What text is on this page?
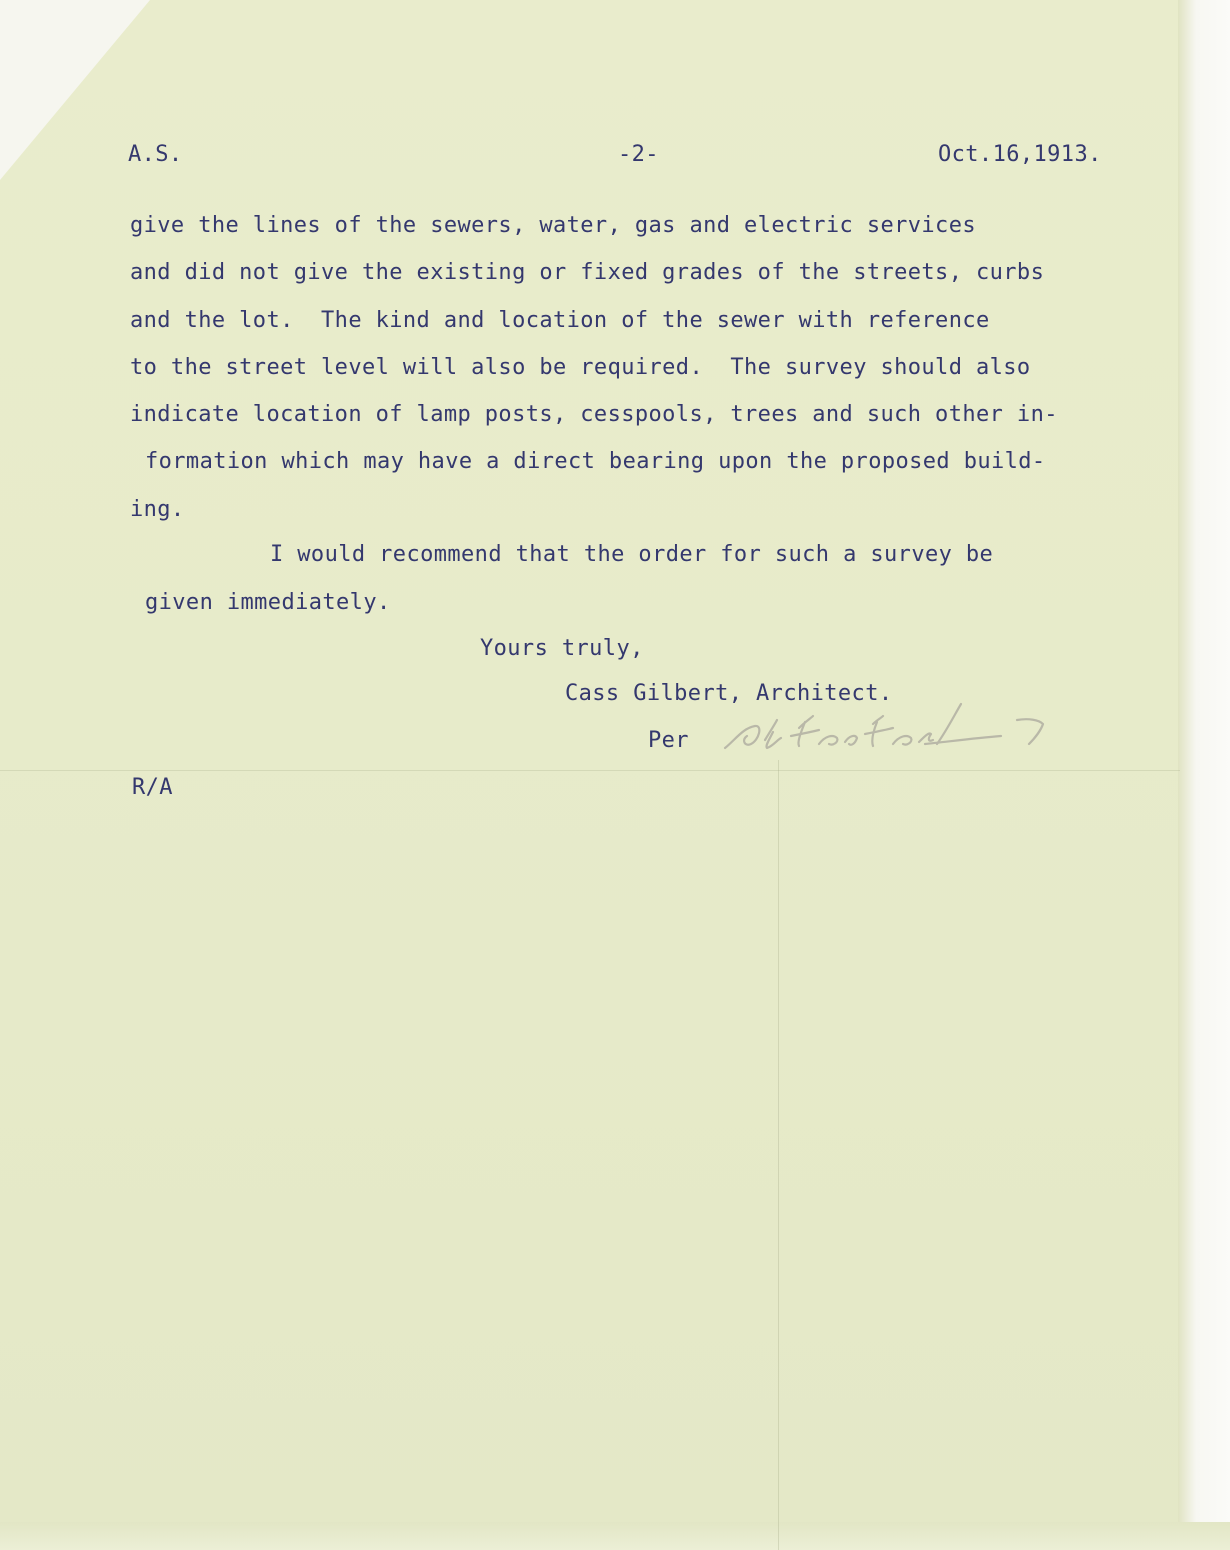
A.S.	-2-	Oct.16,1913.

give the lines of the sewers, water, gas and electric services

and did not give the existing or fixed grades of the streets, curbs

and the lot.  The kind and location of the sewer with reference

to the street level will also be required.  The survey should also

indicate location of lamp posts, cesspools, trees and such other in-

formation which may have a direct bearing upon the proposed build-

ing.

I would recommend that the order for such a survey be

given immediately.

Yours truly,

Cass Gilbert, Architect.

Per

R/A
